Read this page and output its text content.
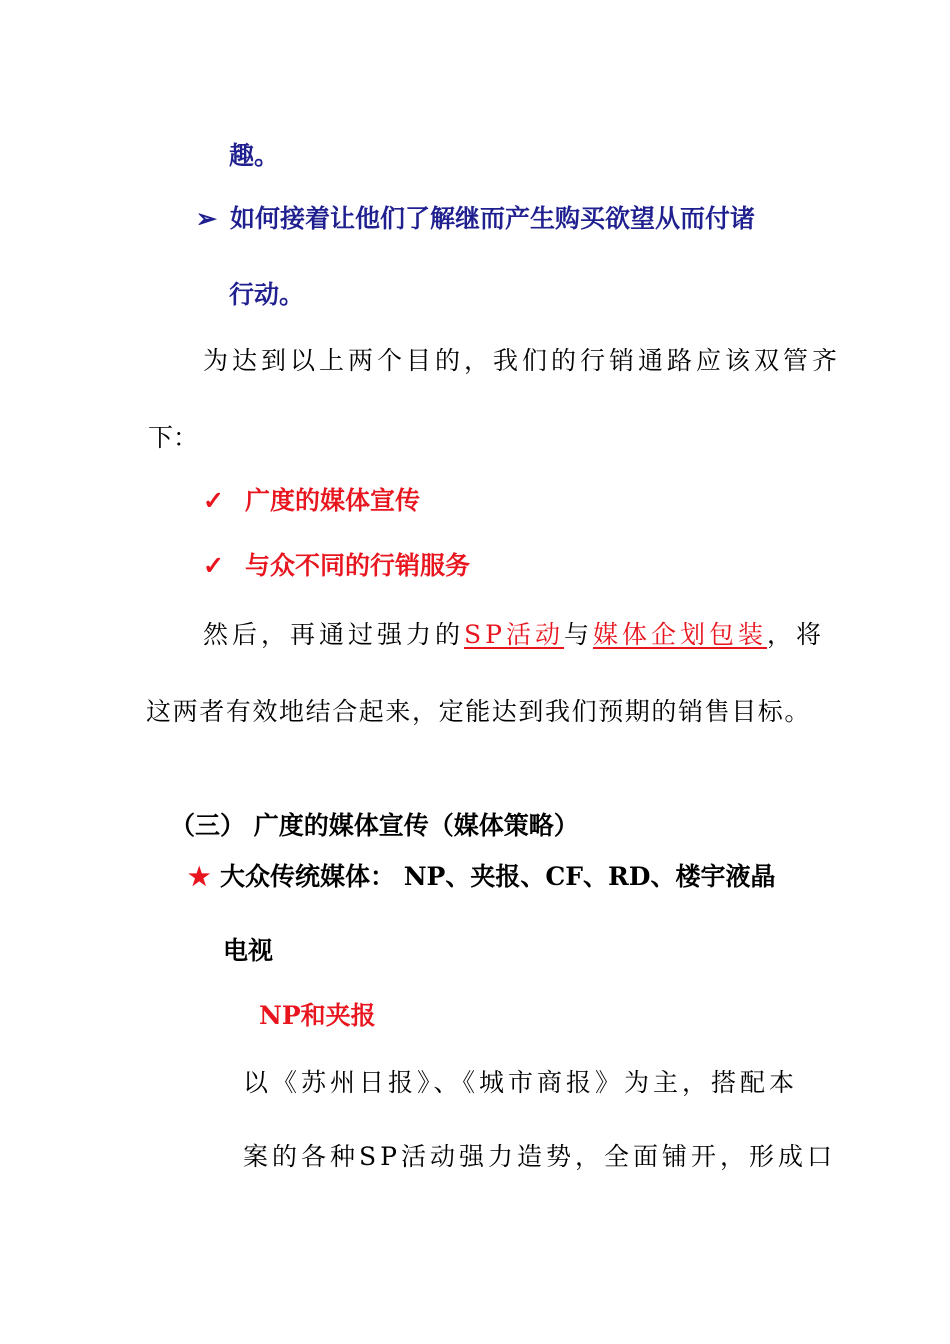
趣。
➢ 如何接着让他们了解继而产生购买欲望从而付诸
行动。
为达到以上两个目的，我们的行销通路应该双管齐
下：
✓ 广度的媒体宣传
✓ 与众不同的行销服务
然后，再通过强力的SP活动与媒体企划包装，将
这两者有效地结合起来，定能达到我们预期的销售目标。
（三） 广度的媒体宣传（媒体策略）
★ 大众传统媒体： NP、夹报、CF、RD、楼宇液晶
电视
NP和夹报
以《苏州日报》、《城市商报》为主，搭配本
案的各种SP活动强力造势，全面铺开，形成口
